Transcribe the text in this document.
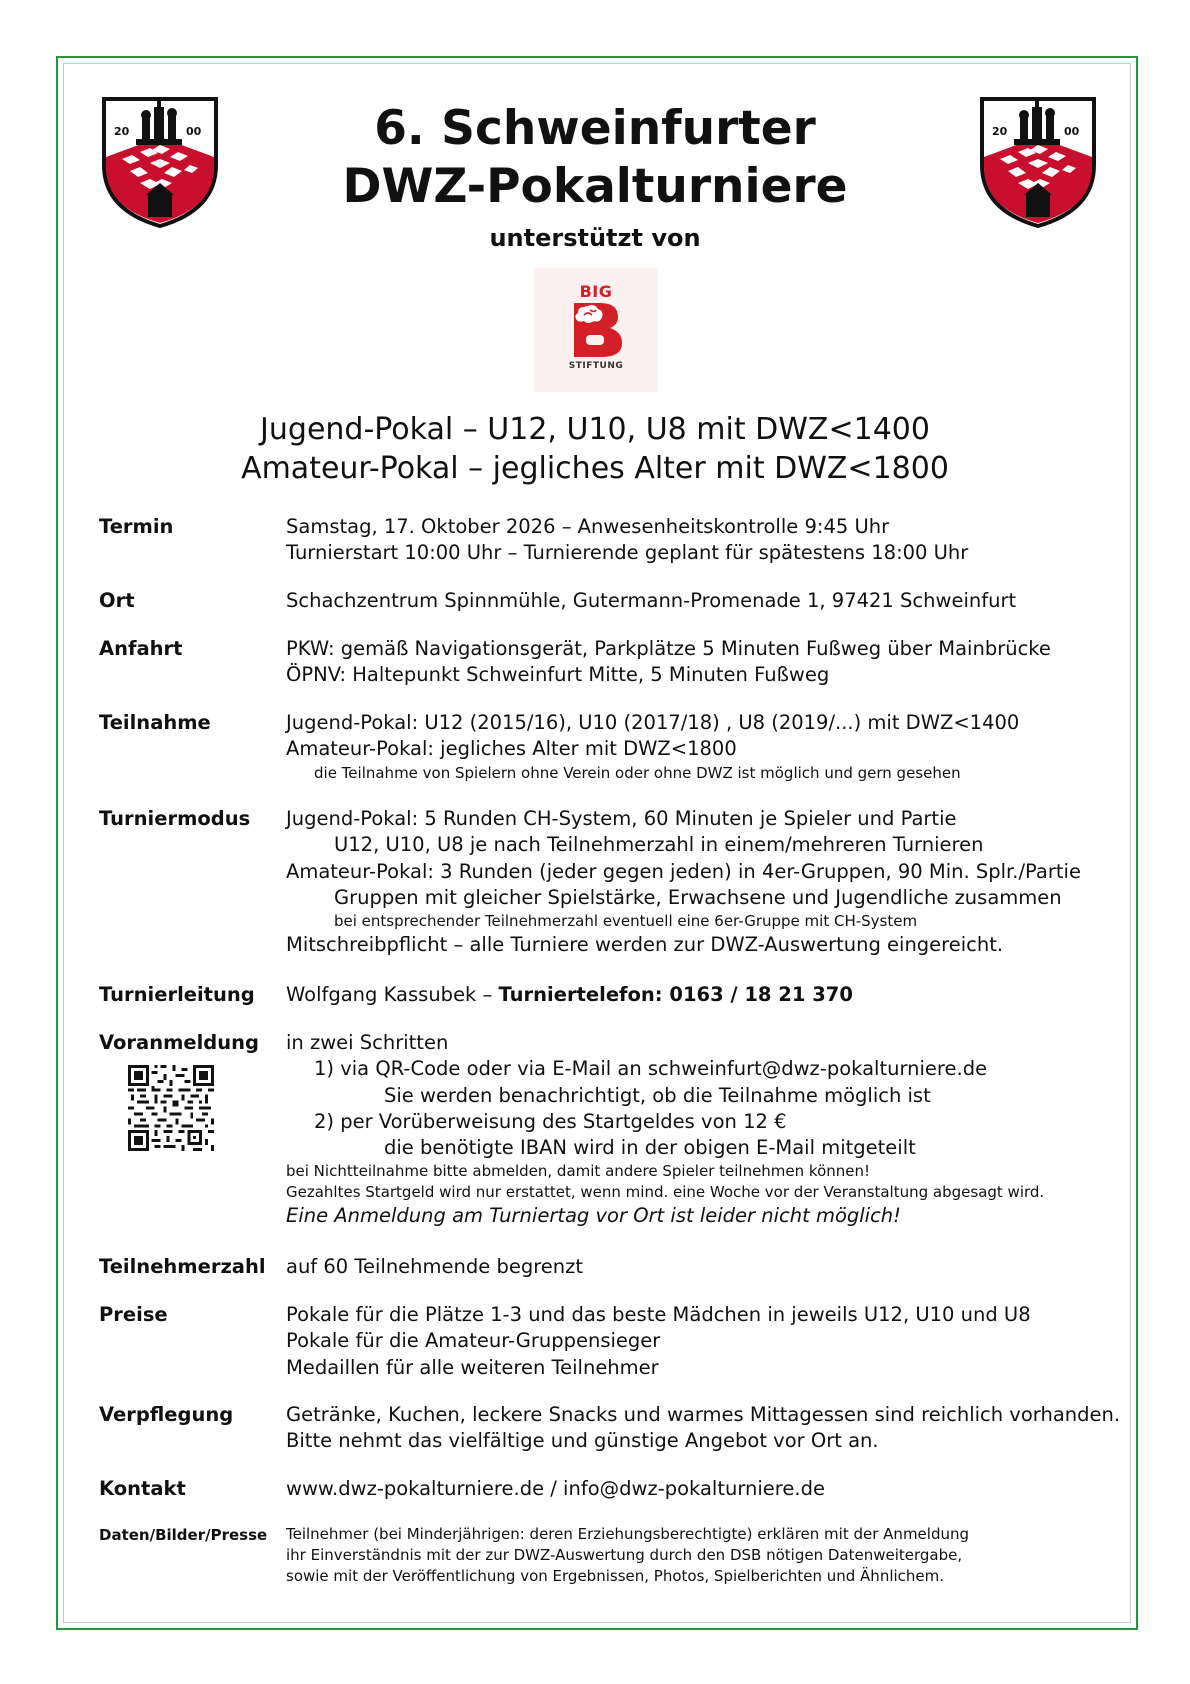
20	00	20	00
6. Schweinfurter
DWZ-Pokalturniere
unterstützt von
BIG
STIFTUNG
Jugend-Pokal – U12, U10, U8 mit DWZ<1400
Amateur-Pokal – jegliches Alter mit DWZ<1800
Termin	Samstag, 17. Oktober 2026 – Anwesenheitskontrolle 9:45 Uhr
Turnierstart 10:00 Uhr – Turnierende geplant für spätestens 18:00 Uhr
Ort	Schachzentrum Spinnmühle, Gutermann-Promenade 1, 97421 Schweinfurt
Anfahrt	PKW: gemäß Navigationsgerät, Parkplätze 5 Minuten Fußweg über Mainbrücke
ÖPNV: Haltepunkt Schweinfurt Mitte, 5 Minuten Fußweg
Teilnahme	Jugend-Pokal: U12 (2015/16), U10 (2017/18) , U8 (2019/...) mit DWZ<1400
Amateur-Pokal: jegliches Alter mit DWZ<1800
die Teilnahme von Spielern ohne Verein oder ohne DWZ ist möglich und gern gesehen
Turniermodus Jugend-Pokal: 5 Runden CH-System, 60 Minuten je Spieler und Partie
U12, U10, U8 je nach Teilnehmerzahl in einem/mehreren Turnieren
Amateur-Pokal: 3 Runden (jeder gegen jeden) in 4er-Gruppen, 90 Min. Splr./Partie
Gruppen mit gleicher Spielstärke, Erwachsene und Jugendliche zusammen
bei entsprechender Teilnehmerzahl eventuell eine 6er-Gruppe mit CH-System
Mitschreibpflicht – alle Turniere werden zur DWZ-Auswertung eingereicht.
Turnierleitung Wolfgang Kassubek – Turniertelefon: 0163 / 18 21 370
Voranmeldung in zwei Schritten
1) via QR-Code oder via E-Mail an schweinfurt@dwz-pokalturniere.de
Sie werden benachrichtigt, ob die Teilnahme möglich ist
2) per Vorüberweisung des Startgeldes von 12 €
die benötigte IBAN wird in der obigen E-Mail mitgeteilt
bei Nichtteilnahme bitte abmelden, damit andere Spieler teilnehmen können!
Gezahltes Startgeld wird nur erstattet, wenn mind. eine Woche vor der Veranstaltung abgesagt wird.
Eine Anmeldung am Turniertag vor Ort ist leider nicht möglich!
Teilnehmerzahl auf 60 Teilnehmende begrenzt
Preise	Pokale für die Plätze 1-3 und das beste Mädchen in jeweils U12, U10 und U8
Pokale für die Amateur-Gruppensieger
Medaillen für alle weiteren Teilnehmer
Verpflegung	Getränke, Kuchen, leckere Snacks und warmes Mittagessen sind reichlich vorhanden.
Bitte nehmt das vielfältige und günstige Angebot vor Ort an.
Kontakt	www.dwz-pokalturniere.de / info@dwz-pokalturniere.de
Daten/Bilder/Presse Teilnehmer (bei Minderjährigen: deren Erziehungsberechtigte) erklären mit der Anmeldung
ihr Einverständnis mit der zur DWZ-Auswertung durch den DSB nötigen Datenweitergabe,
sowie mit der Veröffentlichung von Ergebnissen, Photos, Spielberichten und Ähnlichem.
